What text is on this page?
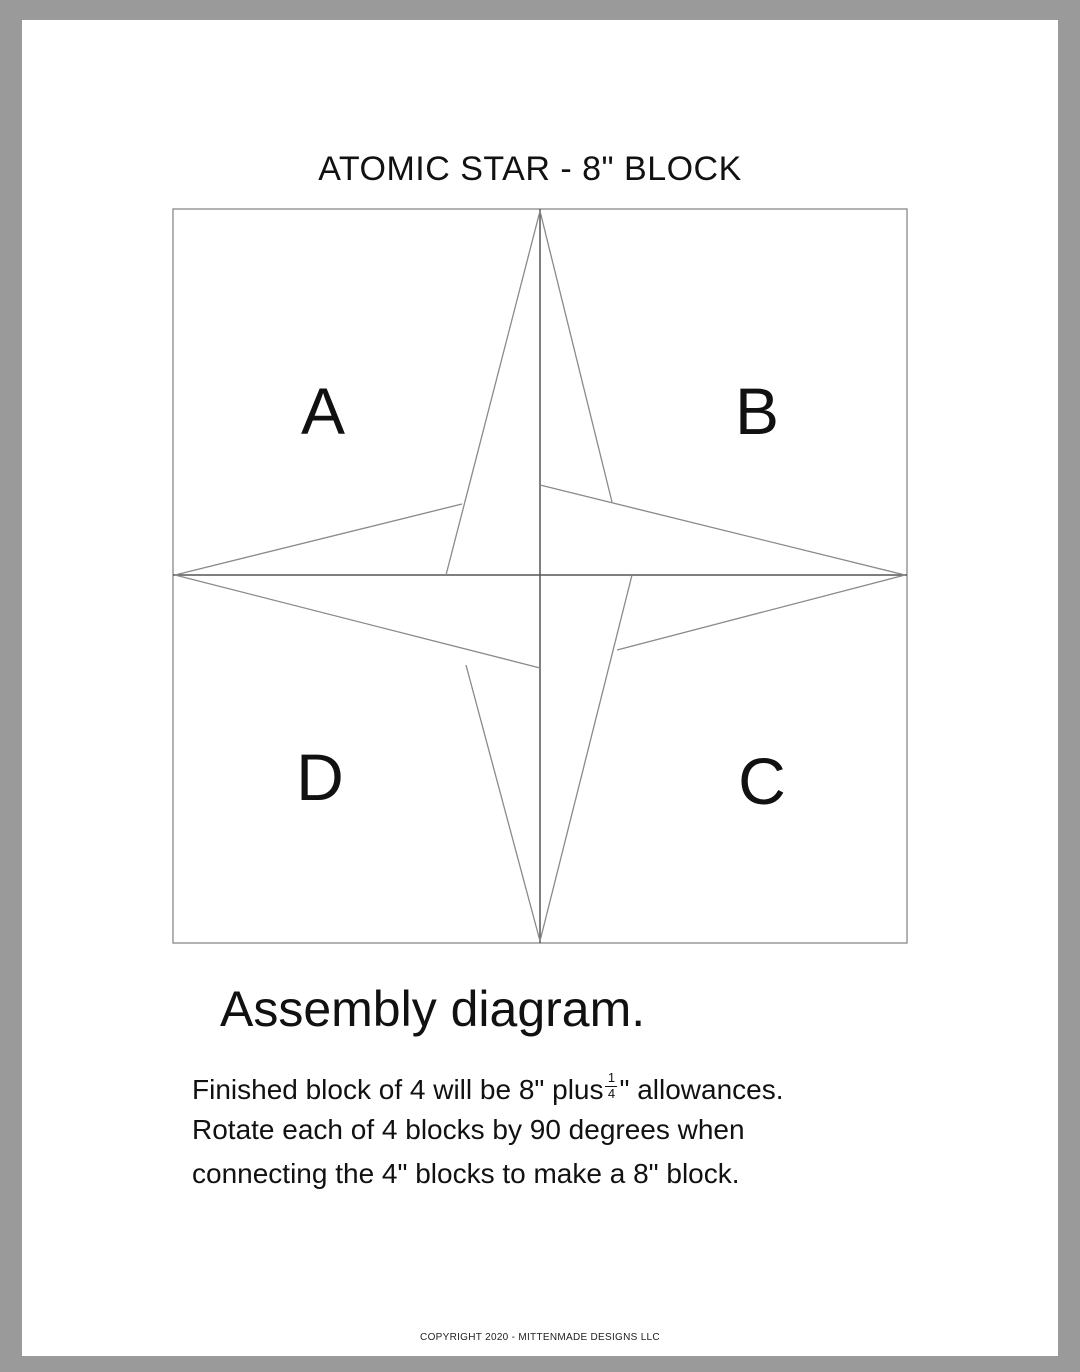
ATOMIC STAR - 8" BLOCK
A	B
D	C
Assembly diagram.
Finished block of 4 will be 8" plus $\frac{1}{4}$ " allowances.
Rotate each of 4 blocks by 90 degrees when
connecting the 4" blocks to make a 8" block.
COPYRIGHT 2020 - MITTENMADE DESIGNS LLC
